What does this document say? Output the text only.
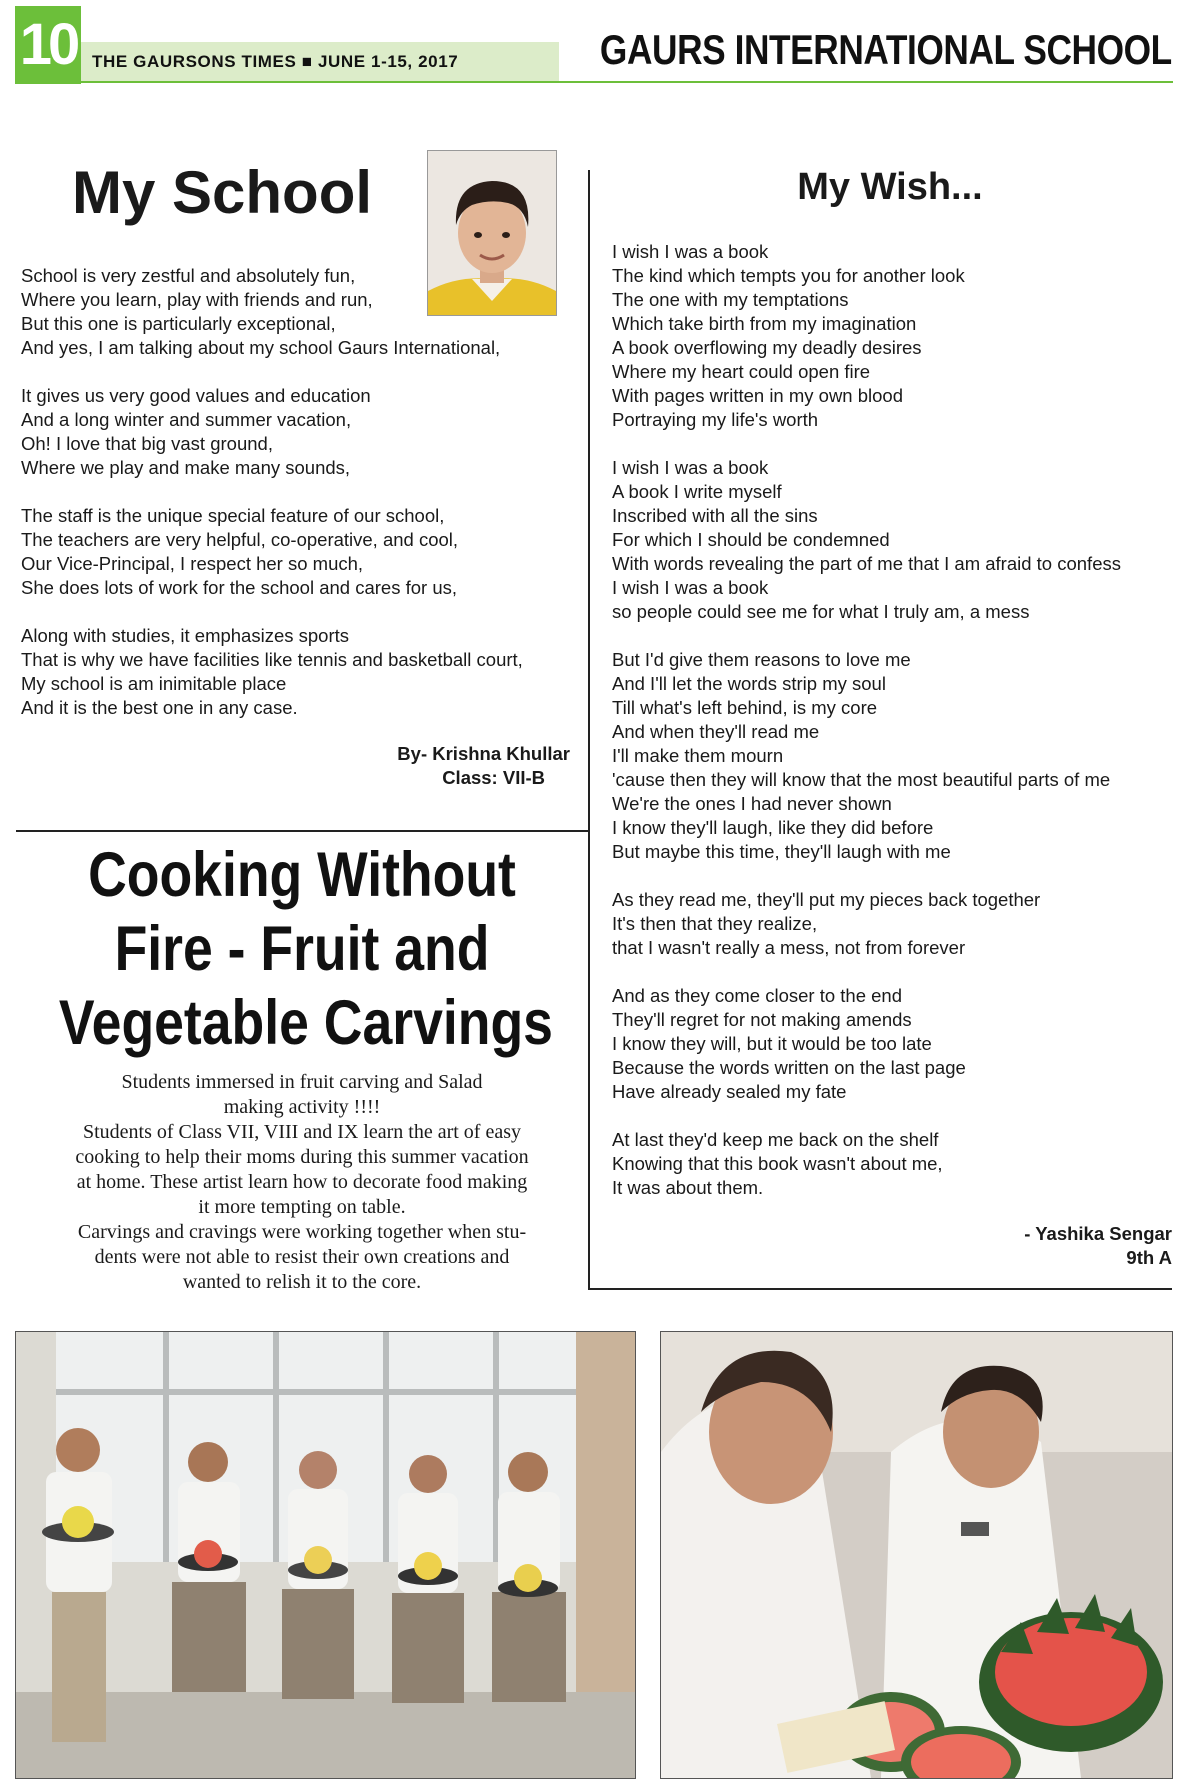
10 THE GAURSONS TIMES ■ JUNE 1-15, 2017	GAURS INTERNATIONAL SCHOOL
My School
School is very zestful and absolutely fun,
Where you learn, play with friends and run,
But this one is particularly exceptional,
And yes, I am talking about my school Gaurs International,
It gives us very good values and education
And a long winter and summer vacation,
Oh! I love that big vast ground,
Where we play and make many sounds,
The staff is the unique special feature of our school,
The teachers are very helpful, co-operative, and cool,
Our Vice-Principal, I respect her so much,
She does lots of work for the school and cares for us,
Along with studies, it emphasizes sports
That is why we have facilities like tennis and basketball court,
My school is am inimitable place
And it is the best one in any case.
By- Krishna Khullar
Class: VII-B
Cooking Without
Fire - Fruit and
Vegetable Carvings
Students immersed in fruit carving and Salad
making activity !!!!
Students of Class VII, VIII and IX learn the art of easy
cooking to help their moms during this summer vacation
at home. These artist learn how to decorate food making
it more tempting on table.
Carvings and cravings were working together when stu-
dents were not able to resist their own creations and
wanted to relish it to the core.
My Wish...
I wish I was a book
The kind which tempts you for another look
The one with my temptations
Which take birth from my imagination
A book overflowing my deadly desires
Where my heart could open fire
With pages written in my own blood
Portraying my life's worth
I wish I was a book
A book I write myself
Inscribed with all the sins
For which I should be condemned
With words revealing the part of me that I am afraid to confess
I wish I was a book
so people could see me for what I truly am, a mess
But I'd give them reasons to love me
And I'll let the words strip my soul
Till what's left behind, is my core
And when they'll read me
I'll make them mourn
'cause then they will know that the most beautiful parts of me
We're the ones I had never shown
I know they'll laugh, like they did before
But maybe this time, they'll laugh with me
As they read me, they'll put my pieces back together
It's then that they realize,
that I wasn't really a mess, not from forever
And as they come closer to the end
They'll regret for not making amends
I know they will, but it would be too late
Because the words written on the last page
Have already sealed my fate
At last they'd keep me back on the shelf
Knowing that this book wasn't about me,
It was about them.
- Yashika Sengar
9th A
